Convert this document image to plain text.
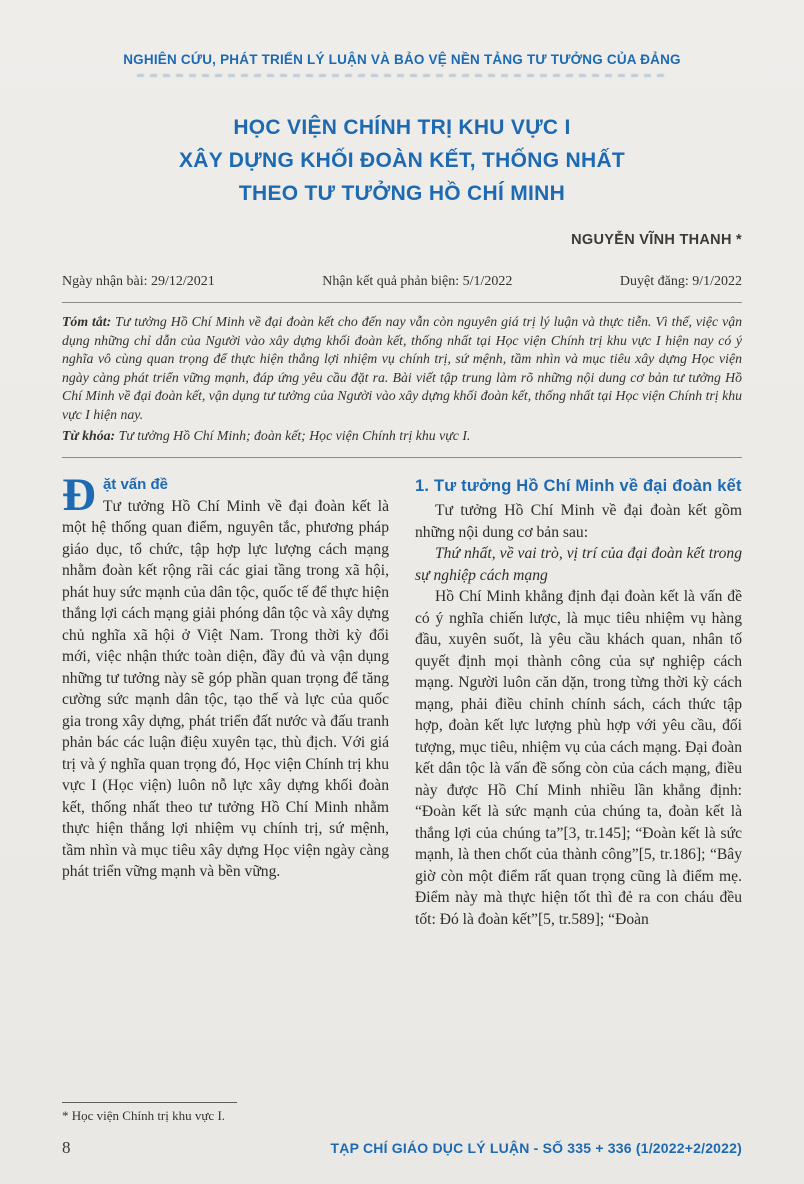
NGHIÊN CỨU, PHÁT TRIỂN LÝ LUẬN VÀ BẢO VỆ NỀN TẢNG TƯ TƯỞNG CỦA ĐẢNG
HỌC VIỆN CHÍNH TRỊ KHU VỰC I
XÂY DỰNG KHỐI ĐOÀN KẾT, THỐNG NHẤT
THEO TƯ TƯỞNG HỒ CHÍ MINH
NGUYỄN VĨNH THANH *
Ngày nhận bài: 29/12/2021	Nhận kết quả phản biện: 5/1/2022	Duyệt đăng: 9/1/2022

Tóm tắt: Tư tưởng Hồ Chí Minh về đại đoàn kết cho đến nay vẫn còn nguyên giá trị lý luận và thực tiễn. Vì thế, việc vận dụng những chỉ dẫn của Người vào xây dựng khối đoàn kết, thống nhất tại Học viện Chính trị khu vực I hiện nay có ý nghĩa vô cùng quan trọng để thực hiện thắng lợi nhiệm vụ chính trị, sứ mệnh, tầm nhìn và mục tiêu xây dựng Học viện ngày càng phát triển vững mạnh, đáp ứng yêu cầu đặt ra. Bài viết tập trung làm rõ những nội dung cơ bản tư tưởng Hồ Chí Minh về đại đoàn kết, vận dụng tư tưởng của Người vào xây dựng khối đoàn kết, thống nhất tại Học viện Chính trị khu vực I hiện nay.

Từ khóa: Tư tưởng Hồ Chí Minh; đoàn kết; Học viện Chính trị khu vực I.

Đặt vấn đề
Tư tưởng Hồ Chí Minh về đại đoàn kết là một hệ thống quan điểm, nguyên tắc, phương pháp giáo dục, tổ chức, tập hợp lực lượng cách mạng nhằm đoàn kết rộng rãi các giai tầng trong xã hội, phát huy sức mạnh của dân tộc, quốc tế để thực hiện thắng lợi cách mạng giải phóng dân tộc và xây dựng chủ nghĩa xã hội ở Việt Nam. Trong thời kỳ đổi mới, việc nhận thức toàn diện, đầy đủ và vận dụng những tư tưởng này sẽ góp phần quan trọng để tăng cường sức mạnh dân tộc, tạo thế và lực của quốc gia trong xây dựng, phát triển đất nước và đấu tranh phản bác các luận điệu xuyên tạc, thù địch. Với giá trị và ý nghĩa quan trọng đó, Học viện Chính trị khu vực I (Học viện) luôn nỗ lực xây dựng khối đoàn kết, thống nhất theo tư tưởng Hồ Chí Minh nhằm thực hiện thắng lợi nhiệm vụ chính trị, sứ mệnh, tầm nhìn và mục tiêu xây dựng Học viện ngày càng phát triển vững mạnh và bền vững.

* Học viện Chính trị khu vực I.

1. Tư tưởng Hồ Chí Minh về đại đoàn kết

Tư tưởng Hồ Chí Minh về đại đoàn kết gồm những nội dung cơ bản sau:

Thứ nhất, về vai trò, vị trí của đại đoàn kết trong sự nghiệp cách mạng

Hồ Chí Minh khẳng định đại đoàn kết là vấn đề có ý nghĩa chiến lược, là mục tiêu nhiệm vụ hàng đầu, xuyên suốt, là yêu cầu khách quan, nhân tố quyết định mọi thành công của sự nghiệp cách mạng. Người luôn căn dặn, trong từng thời kỳ cách mạng, phải điều chỉnh chính sách, cách thức tập hợp, đoàn kết lực lượng phù hợp với yêu cầu, đối tượng, mục tiêu, nhiệm vụ của cách mạng. Đại đoàn kết dân tộc là vấn đề sống còn của cách mạng, điều này được Hồ Chí Minh nhiều lần khẳng định: “Đoàn kết là sức mạnh của chúng ta, đoàn kết là thắng lợi của chúng ta”[3, tr.145]; “Đoàn kết là sức mạnh, là then chốt của thành công”[5, tr.186]; “Bây giờ còn một điểm rất quan trọng cũng là điểm mẹ. Điểm này mà thực hiện tốt thì đẻ ra con cháu đều tốt: Đó là đoàn kết”[5, tr.589]; “Đoàn

8	TẠP CHÍ GIÁO DỤC LÝ LUẬN - SỐ 335 + 336 (1/2022+2/2022)
